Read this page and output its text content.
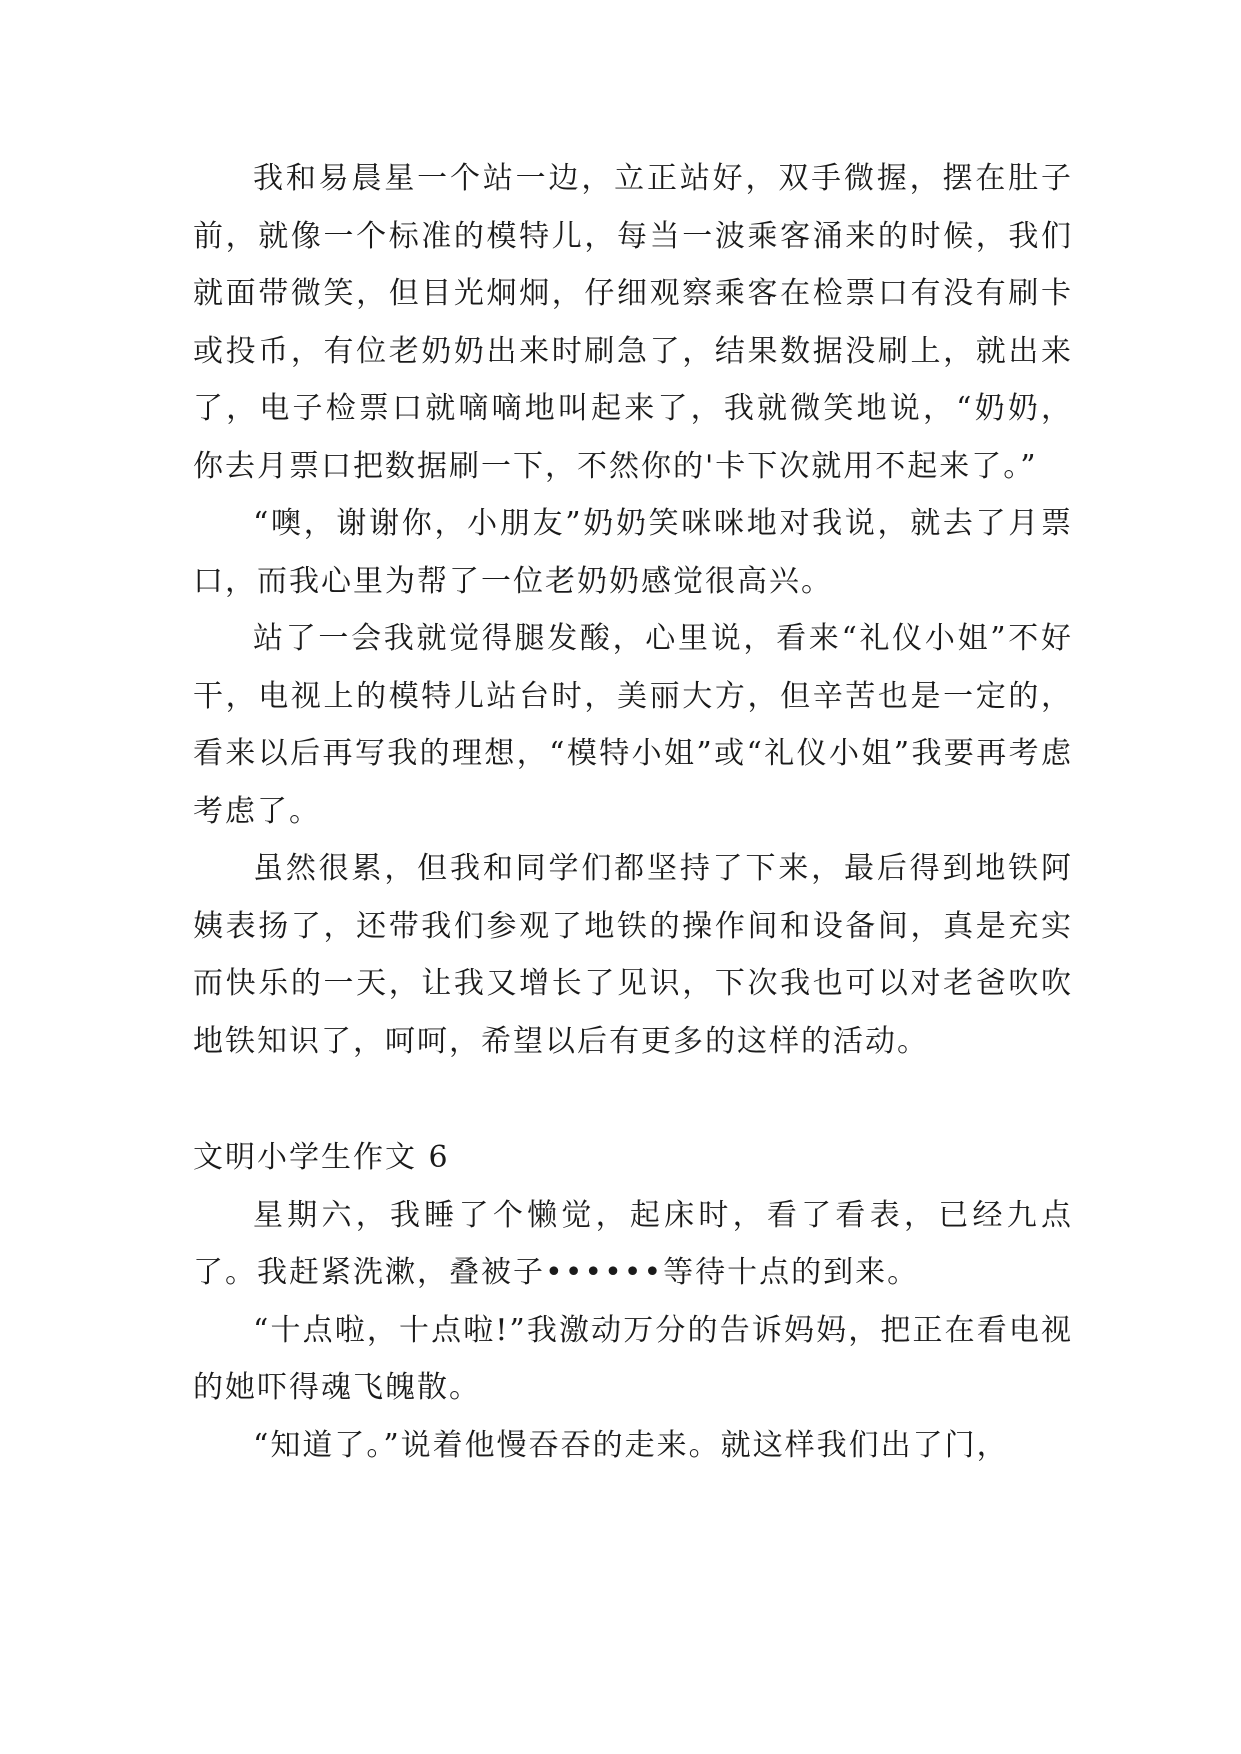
我和易晨星一个站一边，立正站好，双手微握，摆在肚子前，就像一个标准的模特儿，每当一波乘客涌来的时候，我们就面带微笑，但目光炯炯，仔细观察乘客在检票口有没有刷卡或投币，有位老奶奶出来时刷急了，结果数据没刷上，就出来了，电子检票口就嘀嘀地叫起来了，我就微笑地说，“奶奶，你去月票口把数据刷一下，不然你的'卡下次就用不起来了。”

“噢，谢谢你，小朋友”奶奶笑咪咪地对我说，就去了月票口，而我心里为帮了一位老奶奶感觉很高兴。

站了一会我就觉得腿发酸，心里说，看来“礼仪小姐”不好干，电视上的模特儿站台时，美丽大方，但辛苦也是一定的，看来以后再写我的理想，“模特小姐”或“礼仪小姐”我要再考虑考虑了。

虽然很累，但我和同学们都坚持了下来，最后得到地铁阿姨表扬了，还带我们参观了地铁的操作间和设备间，真是充实而快乐的一天，让我又增长了见识，下次我也可以对老爸吹吹地铁知识了，呵呵，希望以后有更多的这样的活动。

文明小学生作文 6

星期六，我睡了个懒觉，起床时，看了看表，已经九点了。我赶紧洗漱，叠被子••••••等待十点的到来。

“十点啦，十点啦!”我激动万分的告诉妈妈，把正在看电视的她吓得魂飞魄散。

“知道了。”说着他慢吞吞的走来。就这样我们出了门，
